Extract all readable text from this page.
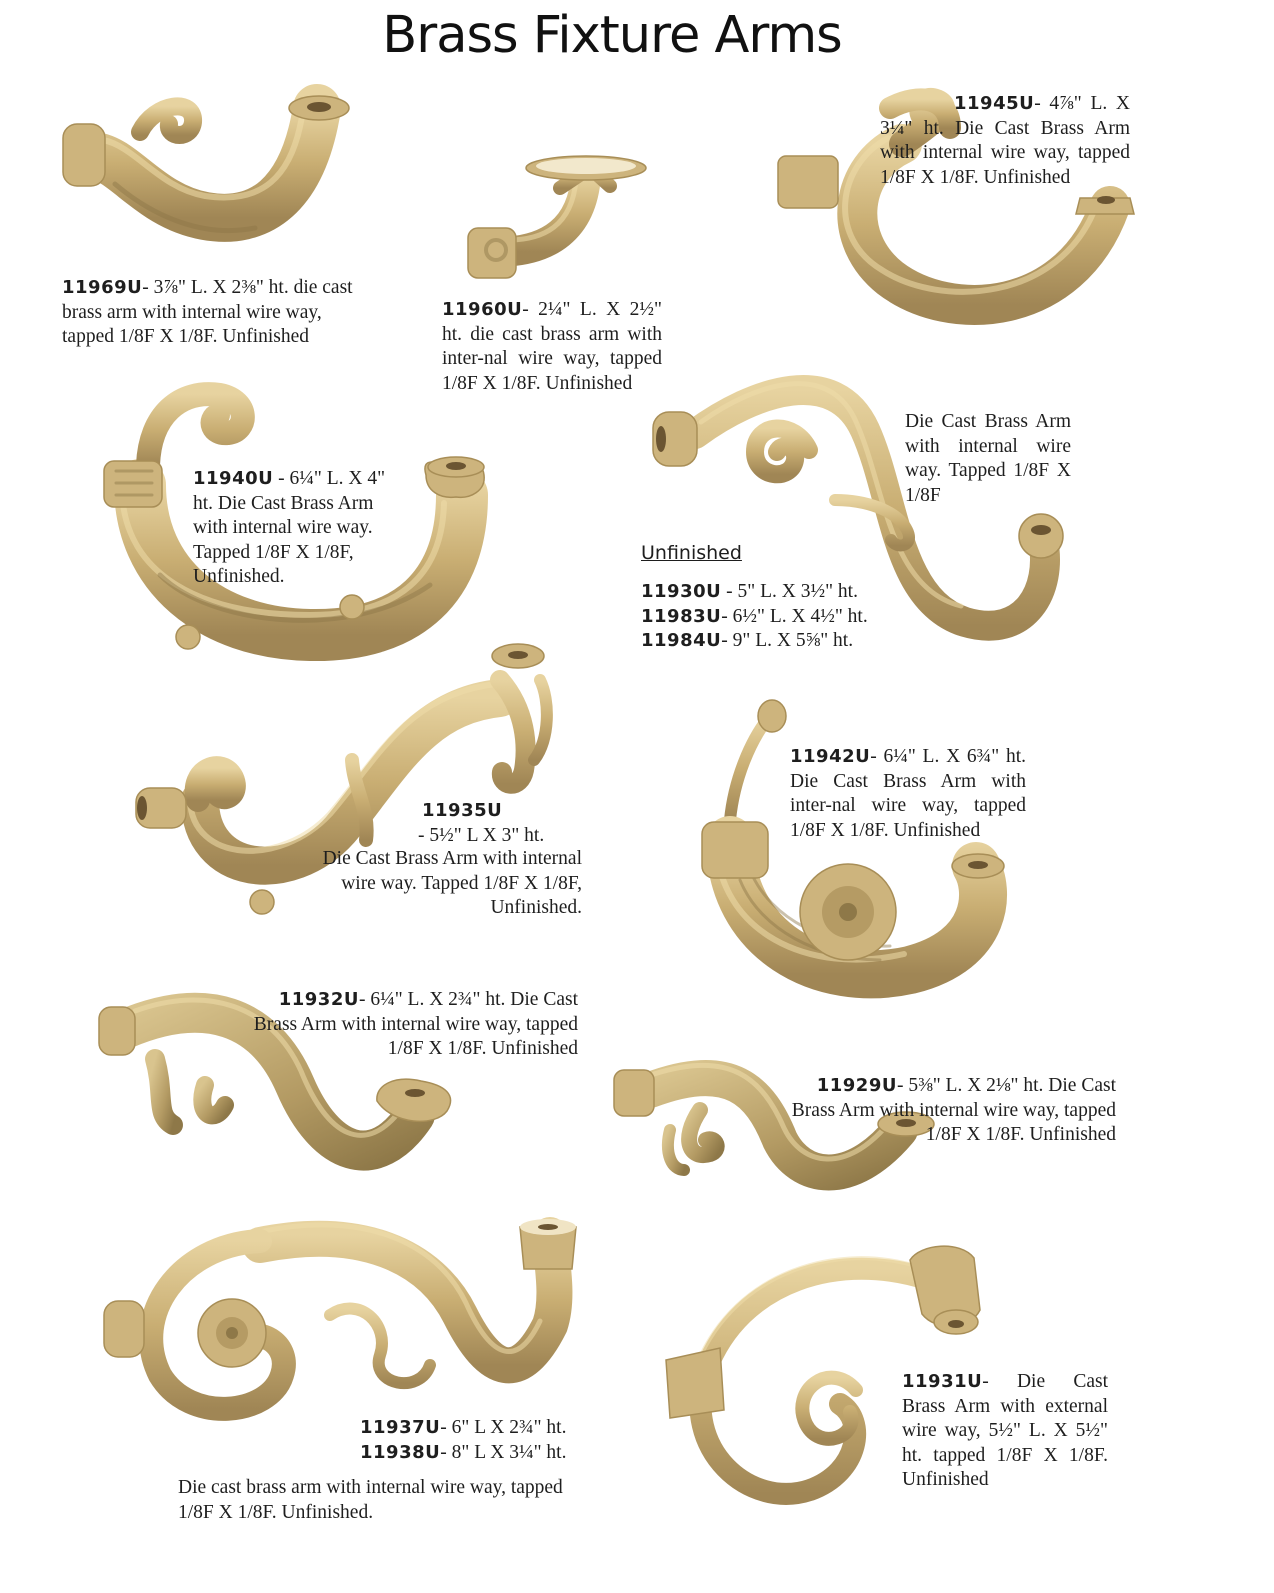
Brass Fixture Arms

11969U- 3⅞" L. X 2⅜" ht. die cast brass arm with internal wire way, tapped 1/8F X 1/8F. Unfinished

11960U- 2¼" L. X 2½" ht. die cast brass arm with inter-nal wire way, tapped 1/8F X 1/8F. Unfinished

11945U- 4⅞" L. X 3¼" ht. Die Cast Brass Arm with internal wire way, tapped 1/8F X 1/8F. Unfinished

11940U - 6¼" L. X 4" ht. Die Cast Brass Arm with internal wire way. Tapped 1/8F X 1/8F, Unfinished.

Die Cast Brass Arm with internal wire way. Tapped 1/8F X 1/8F

Unfinished

11930U - 5" L. X 3½" ht.
11983U- 6½" L. X 4½" ht.
11984U- 9" L. X 5⅝" ht.

11935U

- 5½" L X 3" ht.

Die Cast Brass Arm with internal wire way. Tapped 1/8F X 1/8F, Unfinished.

11942U- 6¼" L. X 6¾" ht. Die Cast Brass Arm with inter-nal wire way, tapped 1/8F X 1/8F. Unfinished

11932U- 6¼" L. X 2¾" ht. Die Cast Brass Arm with internal wire way, tapped 1/8F X 1/8F. Unfinished

11929U- 5⅜" L. X 2⅛" ht. Die Cast Brass Arm with internal wire way, tapped 1/8F X 1/8F. Unfinished

11937U- 6" L X 2¾" ht.
11938U- 8" L X 3¼" ht.

Die cast brass arm with internal wire way, tapped 1/8F X 1/8F. Unfinished.

11931U- Die Cast Brass Arm with external wire way, 5½" L. X 5½" ht. tapped 1/8F X 1/8F. Unfinished
